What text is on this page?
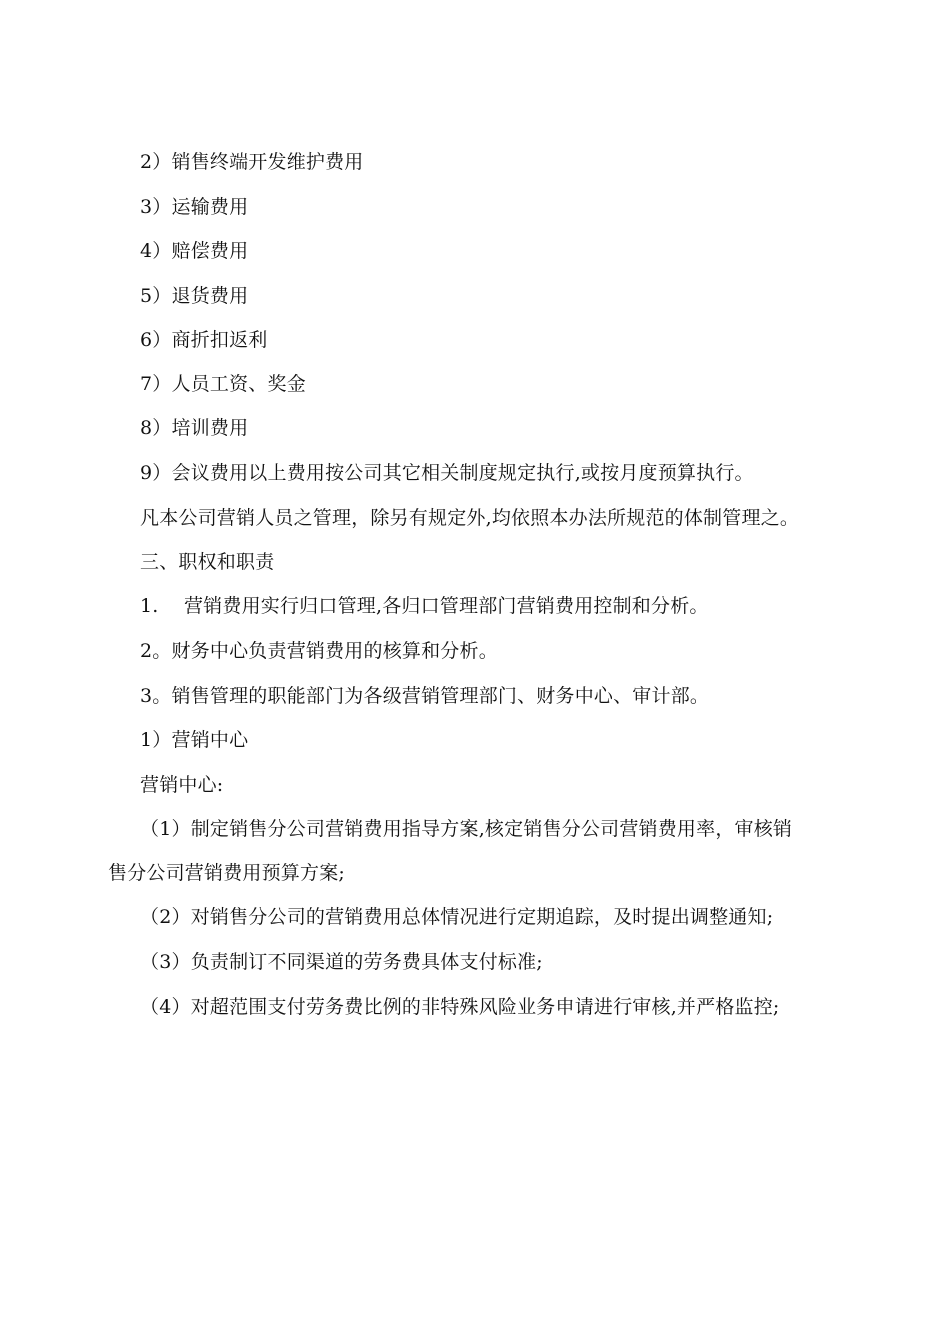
2）销售终端开发维护费用
3）运输费用
4）赔偿费用
5）退货费用
6）商折扣返利
7）人员工资、奖金
8）培训费用
9）会议费用以上费用按公司其它相关制度规定执行,或按月度预算执行。
凡本公司营销人员之管理，除另有规定外,均依照本办法所规范的体制管理之。
三、职权和职责
1.　 营销费用实行归口管理,各归口管理部门营销费用控制和分析。
2。财务中心负责营销费用的核算和分析。
3。销售管理的职能部门为各级营销管理部门、财务中心、审计部。
1）营销中心
营销中心:
（1）制定销售分公司营销费用指导方案,核定销售分公司营销费用率，审核销
售分公司营销费用预算方案;
（2）对销售分公司的营销费用总体情况进行定期追踪，及时提出调整通知;
（3）负责制订不同渠道的劳务费具体支付标准;
（4）对超范围支付劳务费比例的非特殊风险业务申请进行审核,并严格监控;
